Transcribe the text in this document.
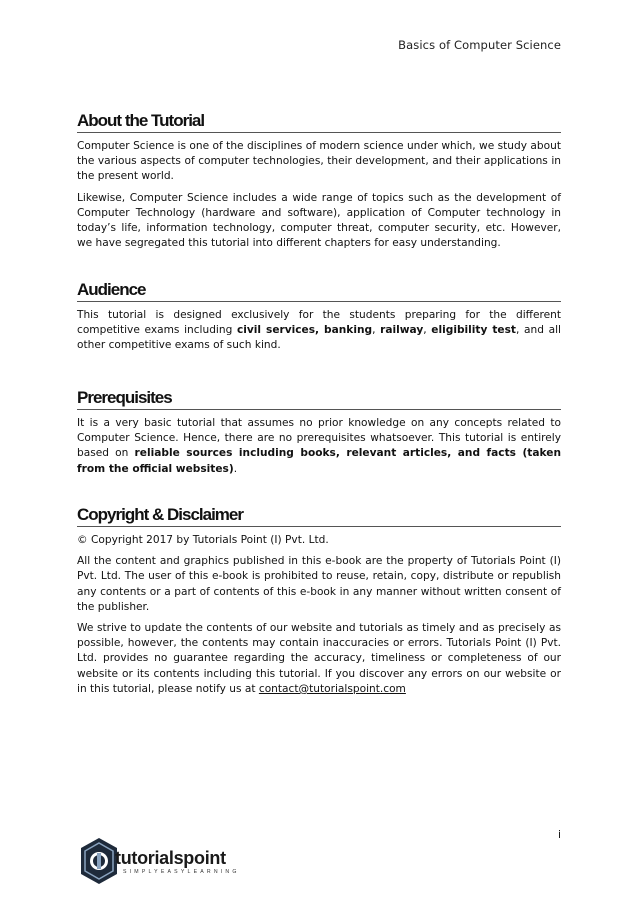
Basics of Computer Science
About the Tutorial

Computer Science is one of the disciplines of modern science under which, we study about the various aspects of computer technologies, their development, and their applications in the present world.

Likewise, Computer Science includes a wide range of topics such as the development of Computer Technology (hardware and software), application of Computer technology in today’s life, information technology, computer threat, computer security, etc. However, we have segregated this tutorial into different chapters for easy understanding.

Audience

This tutorial is designed exclusively for the students preparing for the different competitive exams including civil services, banking, railway, eligibility test, and all other competitive exams of such kind.

Prerequisites

It is a very basic tutorial that assumes no prior knowledge on any concepts related to Computer Science. Hence, there are no prerequisites whatsoever. This tutorial is entirely based on reliable sources including books, relevant articles, and facts (taken from the official websites).

Copyright & Disclaimer

© Copyright 2017 by Tutorials Point (I) Pvt. Ltd.

All the content and graphics published in this e-book are the property of Tutorials Point (I) Pvt. Ltd. The user of this e-book is prohibited to reuse, retain, copy, distribute or republish any contents or a part of contents of this e-book in any manner without written consent of the publisher.

We strive to update the contents of our website and tutorials as timely and as precisely as possible, however, the contents may contain inaccuracies or errors. Tutorials Point (I) Pvt. Ltd. provides no guarantee regarding the accuracy, timeliness or completeness of our website or its contents including this tutorial. If you discover any errors on our website or in this tutorial, please notify us at contact@tutorialspoint.com

i
tutorialspoint
SIMPLYEASYLEARNING
